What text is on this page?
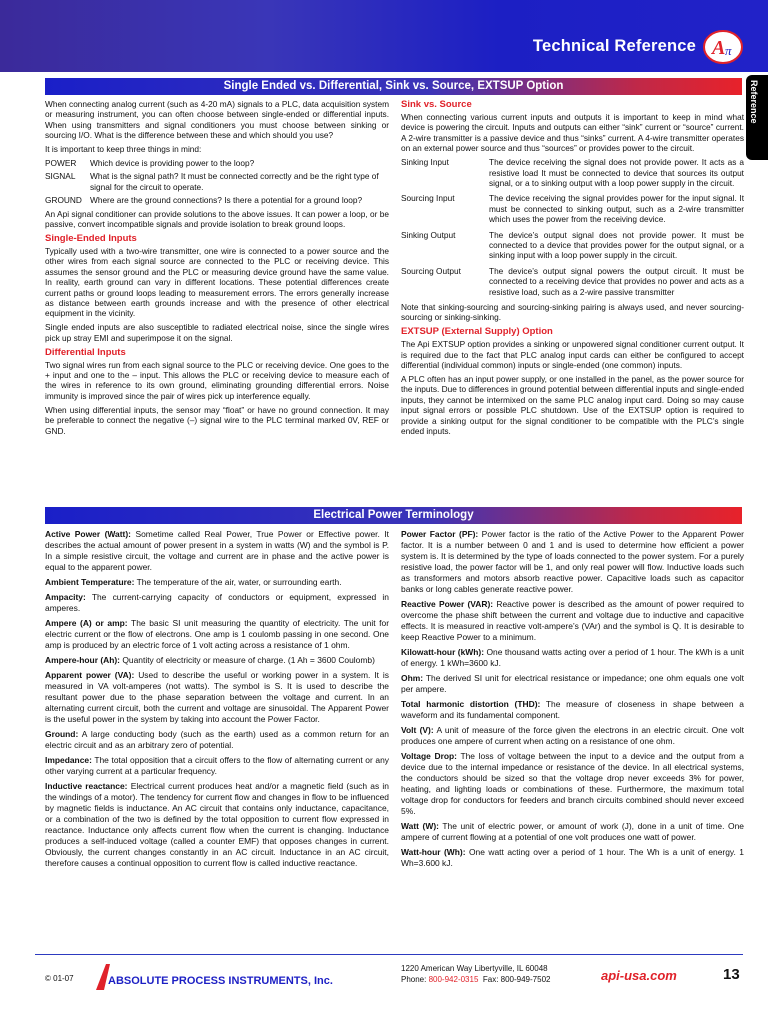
Technical Reference A π
Reference
Single Ended vs. Differential, Sink vs. Source, EXTSUP Option

When connecting analog current (such as 4-20 mA) signals to a PLC, data acquisition system or measuring instrument, you can often choose between single-ended or differential inputs. When using transmitters and signal conditioners you must choose between sinking or sourcing I/O. What is the difference between these and which should you use?

It is important to keep three things in mind:

POWER	Which device is providing power to the loop?
SIGNAL	What is the signal path? It must be connected correctly and be the right type of signal for the circuit to operate.
GROUND Where are the ground connections? Is there a potential for a ground loop?

An Api signal conditioner can provide solutions to the above issues. It can power a loop, or be passive, convert incompatible signals and provide isolation to break ground loops.

Single-Ended Inputs

Typically used with a two-wire transmitter, one wire is connected to a power source and the other wires from each signal source are connected to the PLC or receiving device. This assumes the sensor ground and the PLC or measuring device ground have the same value. In reality, earth ground can vary in different locations. These potential differences create current paths or ground loops leading to measurement errors. The errors generally increase as distance between earth grounds increase and with the presence of other electrical equipment in the vicinity.

Single ended inputs are also susceptible to radiated electrical noise, since the single wires pick up stray EMI and superimpose it on the signal.

Differential Inputs

Two signal wires run from each signal source to the PLC or receiving device. One goes to the + input and one to the – input. This allows the PLC or receiving device to measure each of the wires in reference to its own ground, eliminating grounding differential errors. Noise immunity is improved since the pair of wires pick up interference equally.

When using differential inputs, the sensor may “float” or have no ground connection. It may be preferable to connect the negative (–) signal wire to the PLC terminal marked 0V, REF or GND.

Sink vs. Source

When connecting various current inputs and outputs it is important to keep in mind what device is powering the circuit. Inputs and outputs can either “sink” current or “source” current. A 2-wire transmitter is a passive device and thus “sinks” current. A 4-wire transmitter operates on an external power source and thus “sources” or provides power to the circuit.

Sinking Input	The device receiving the signal does not provide power. It acts as a resistive load It must be connected to device that sources its output signal, or a to sinking output with a loop power supply in the circuit.
Sourcing Input	The device receiving the signal provides power for the input signal. It must be connected to sinking output, such as a 2-wire transmitter which uses the power from the receiving device.
Sinking Output	The device’s output signal does not provide power. It must be connected to a device that provides power for the output signal, or a sinking input with a loop power supply in the circuit.
Sourcing Output	The device’s output signal powers the output circuit. It must be connected to a receiving device that provides no power and acts as a resistive load, such as a 2-wire passive transmitter

Note that sinking-sourcing and sourcing-sinking pairing is always used, and never sourcing-sourcing or sinking-sinking.

EXTSUP (External Supply) Option

The Api EXTSUP option provides a sinking or unpowered signal conditioner current output. It is required due to the fact that PLC analog input cards can either be configured to accept differential (individual common) inputs or single-ended (one common) inputs.

A PLC often has an input power supply, or one installed in the panel, as the power source for the inputs. Due to differences in ground potential between differential inputs and single-ended inputs, they cannot be intermixed on the same PLC analog input card. Doing so may cause input signal errors or possible PLC shutdown. Use of the EXTSUP option is required to provide a sinking output for the signal conditioner to be compatible with the PLC’s single ended inputs.

Electrical Power Terminology

Active Power (Watt): Sometime called Real Power, True Power or Effective power. It describes the actual amount of power present in a system in watts (W) and the symbol is P. In a simple resistive circuit, the voltage and current are in phase and the active power is equal to the apparent power.

Ambient Temperature: The temperature of the air, water, or surrounding earth.

Ampacity: The current-carrying capacity of conductors or equipment, expressed in amperes.

Ampere (A) or amp: The basic SI unit measuring the quantity of electricity. The unit for electric current or the flow of electrons. One amp is 1 coulomb passing in one second. One amp is produced by an electric force of 1 volt acting across a resistance of 1 ohm.

Ampere-hour (Ah): Quantity of electricity or measure of charge. (1 Ah = 3600 Coulomb)

Apparent power (VA): Used to describe the useful or working power in a system. It is measured in VA volt-amperes (not watts). The symbol is S. It is used to describe the resultant power due to the phase separation between the voltage and current. In an alternating current circuit, both the current and voltage are sinusoidal. The Apparent Power is the useful power in the system by taking into account the Power Factor.

Ground: A large conducting body (such as the earth) used as a common return for an electric circuit and as an arbitrary zero of potential.

Impedance: The total opposition that a circuit offers to the flow of alternating current or any other varying current at a particular frequency.

Inductive reactance: Electrical current produces heat and/or a magnetic field (such as in the windings of a motor). The tendency for current flow and changes in flow to be influenced by magnetic fields is inductance. An AC circuit that contains only inductance, capacitance, or a combination of the two is defined by the total opposition to current flow expressed in reactance. Inductance only affects current flow when the current is changing. Inductance produces a self-induced voltage (called a counter EMF) that opposes changes in current. Obviously, the current changes constantly in an AC circuit. Inductance in an AC circuit, therefore causes a continual opposition to current flow is called inductive reactance.

Power Factor (PF): Power factor is the ratio of the Active Power to the Apparent Power factor. It is a number between 0 and 1 and is used to determine how efficient a power system is. It is determined by the type of loads connected to the power system. For a purely resistive load, the power factor will be 1, and only real power will flow. Inductive loads such as transformers and motors absorb reactive power. Capacitive loads such as capacitor banks or long cables generate reactive power.

Reactive Power (VAR): Reactive power is described as the amount of power required to overcome the phase shift between the current and voltage due to inductive and capacitive effects. It is measured in reactive volt-ampere’s (VAr) and the symbol is Q. It is desirable to keep Reactive Power to a minimum.

Kilowatt-hour (kWh): One thousand watts acting over a period of 1 hour. The kWh is a unit of energy. 1 kWh=3600 kJ.

Ohm: The derived SI unit for electrical resistance or impedance; one ohm equals one volt per ampere.

Total harmonic distortion (THD): The measure of closeness in shape between a waveform and its fundamental component.

Volt (V): A unit of measure of the force given the electrons in an electric circuit. One volt produces one ampere of current when acting on a resistance of one ohm.

Voltage Drop: The loss of voltage between the input to a device and the output from a device due to the internal impedance or resistance of the device. In all electrical systems, the conductors should be sized so that the voltage drop never exceeds 3% for power, heating, and lighting loads or combinations of these. Furthermore, the maximum total voltage drop for conductors for feeders and branch circuits combined should never exceed 5%.

Watt (W): The unit of electric power, or amount of work (J), done in a unit of time. One ampere of current flowing at a potential of one volt produces one watt of power.

Watt-hour (Wh): One watt acting over a period of 1 hour. The Wh is a unit of energy. 1 Wh=3.600 kJ.

© 01-07	ABSOLUTE PROCESS INSTRUMENTS, Inc.
1220 American Way Libertyville, IL 60048
Phone: 800-942-0315 Fax: 800-949-7502	api-usa.com	13
